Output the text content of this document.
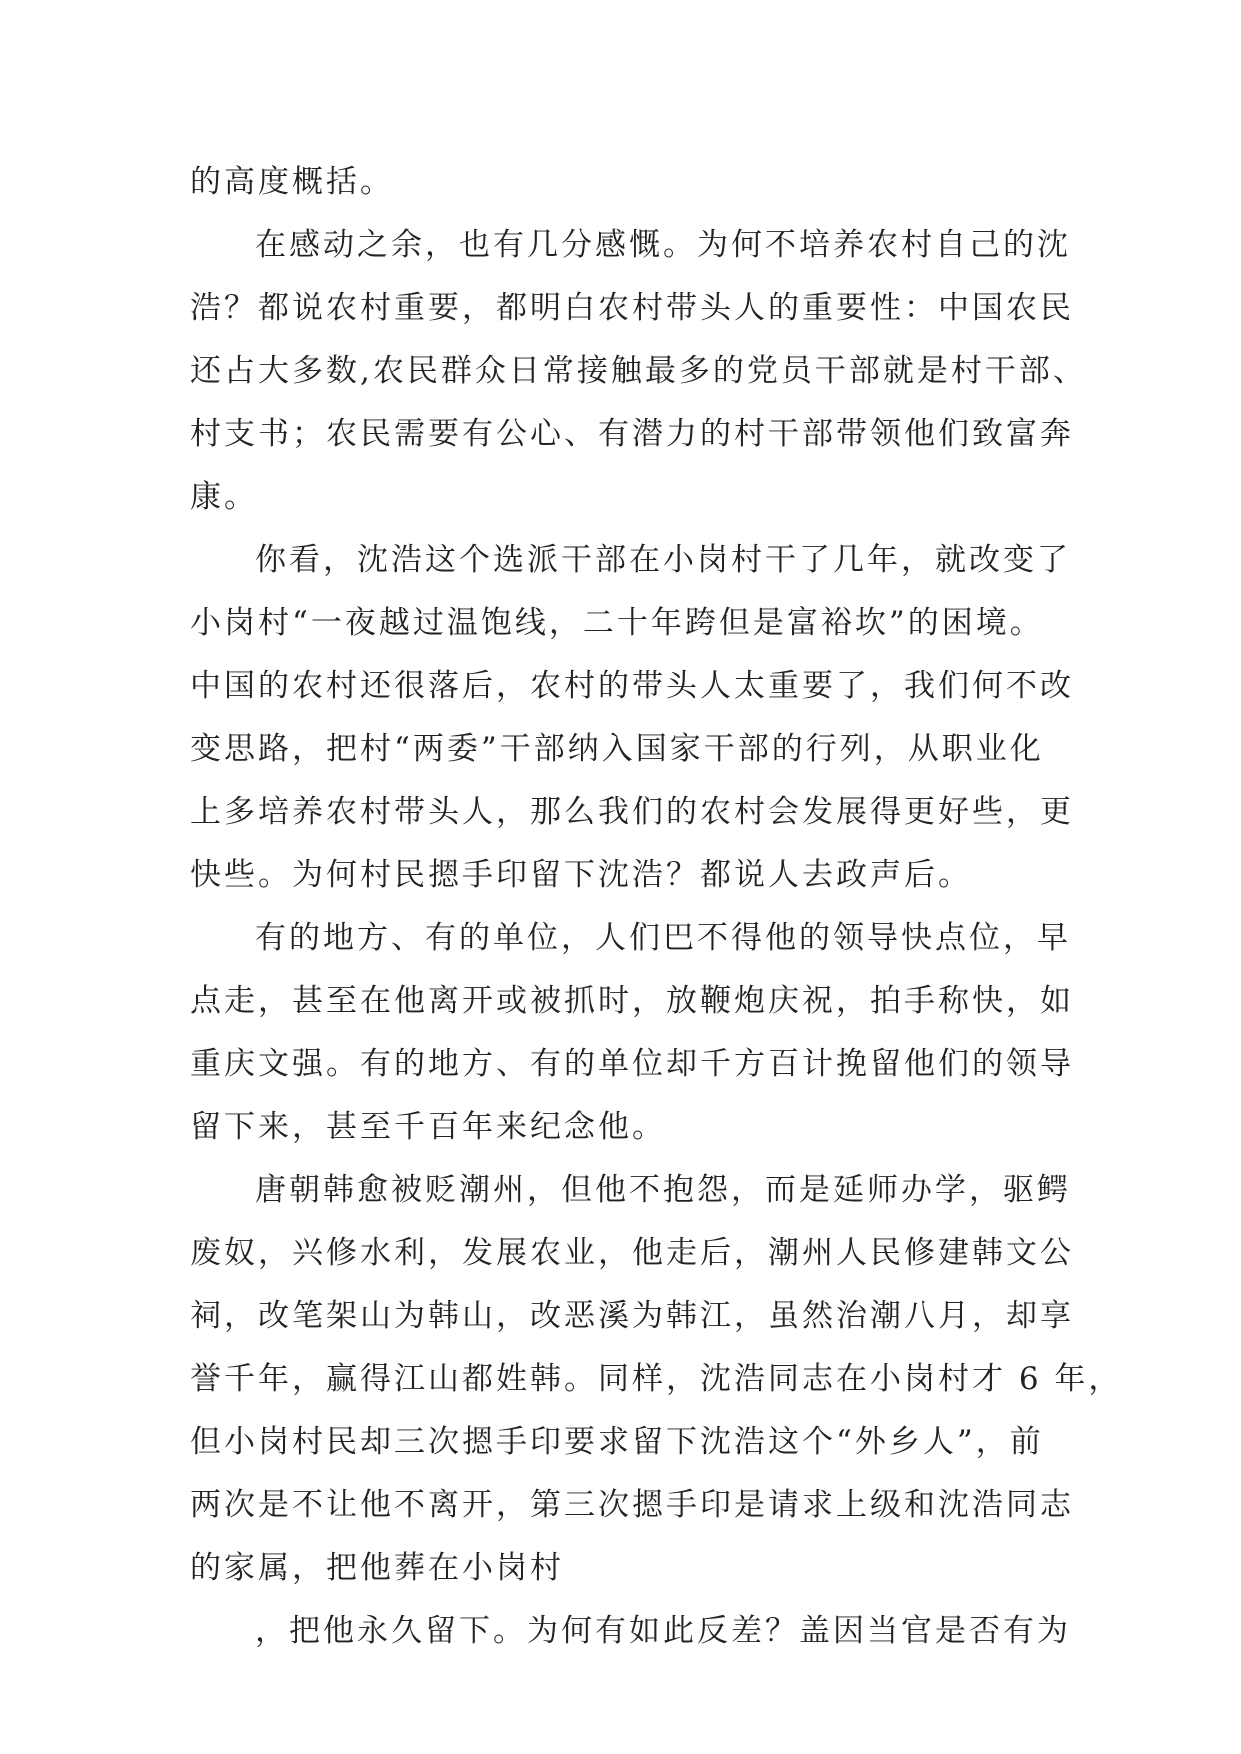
的高度概括。
在感动之余，也有几分感慨。为何不培养农村自己的沈
浩？都说农村重要，都明白农村带头人的重要性：中国农民
还占大多数,农民群众日常接触最多的党员干部就是村干部、
村支书；农民需要有公心、有潜力的村干部带领他们致富奔
康。
你看，沈浩这个选派干部在小岗村干了几年，就改变了
小岗村“一夜越过温饱线，二十年跨但是富裕坎”的困境。
中国的农村还很落后，农村的带头人太重要了，我们何不改
变思路，把村“两委”干部纳入国家干部的行列，从职业化
上多培养农村带头人，那么我们的农村会发展得更好些，更
快些。为何村民摁手印留下沈浩？都说人去政声后。
有的地方、有的单位，人们巴不得他的领导快点位，早
点走，甚至在他离开或被抓时，放鞭炮庆祝，拍手称快，如
重庆文强。有的地方、有的单位却千方百计挽留他们的领导
留下来，甚至千百年来纪念他。
唐朝韩愈被贬潮州，但他不抱怨，而是延师办学，驱鳄
废奴，兴修水利，发展农业，他走后，潮州人民修建韩文公
祠，改笔架山为韩山，改恶溪为韩江，虽然治潮八月，却享
誉千年，赢得江山都姓韩。同样，沈浩同志在小岗村才 6 年，
但小岗村民却三次摁手印要求留下沈浩这个“外乡人”，前
两次是不让他不离开，第三次摁手印是请求上级和沈浩同志
的家属，把他葬在小岗村
，把他永久留下。为何有如此反差？盖因当官是否有为
